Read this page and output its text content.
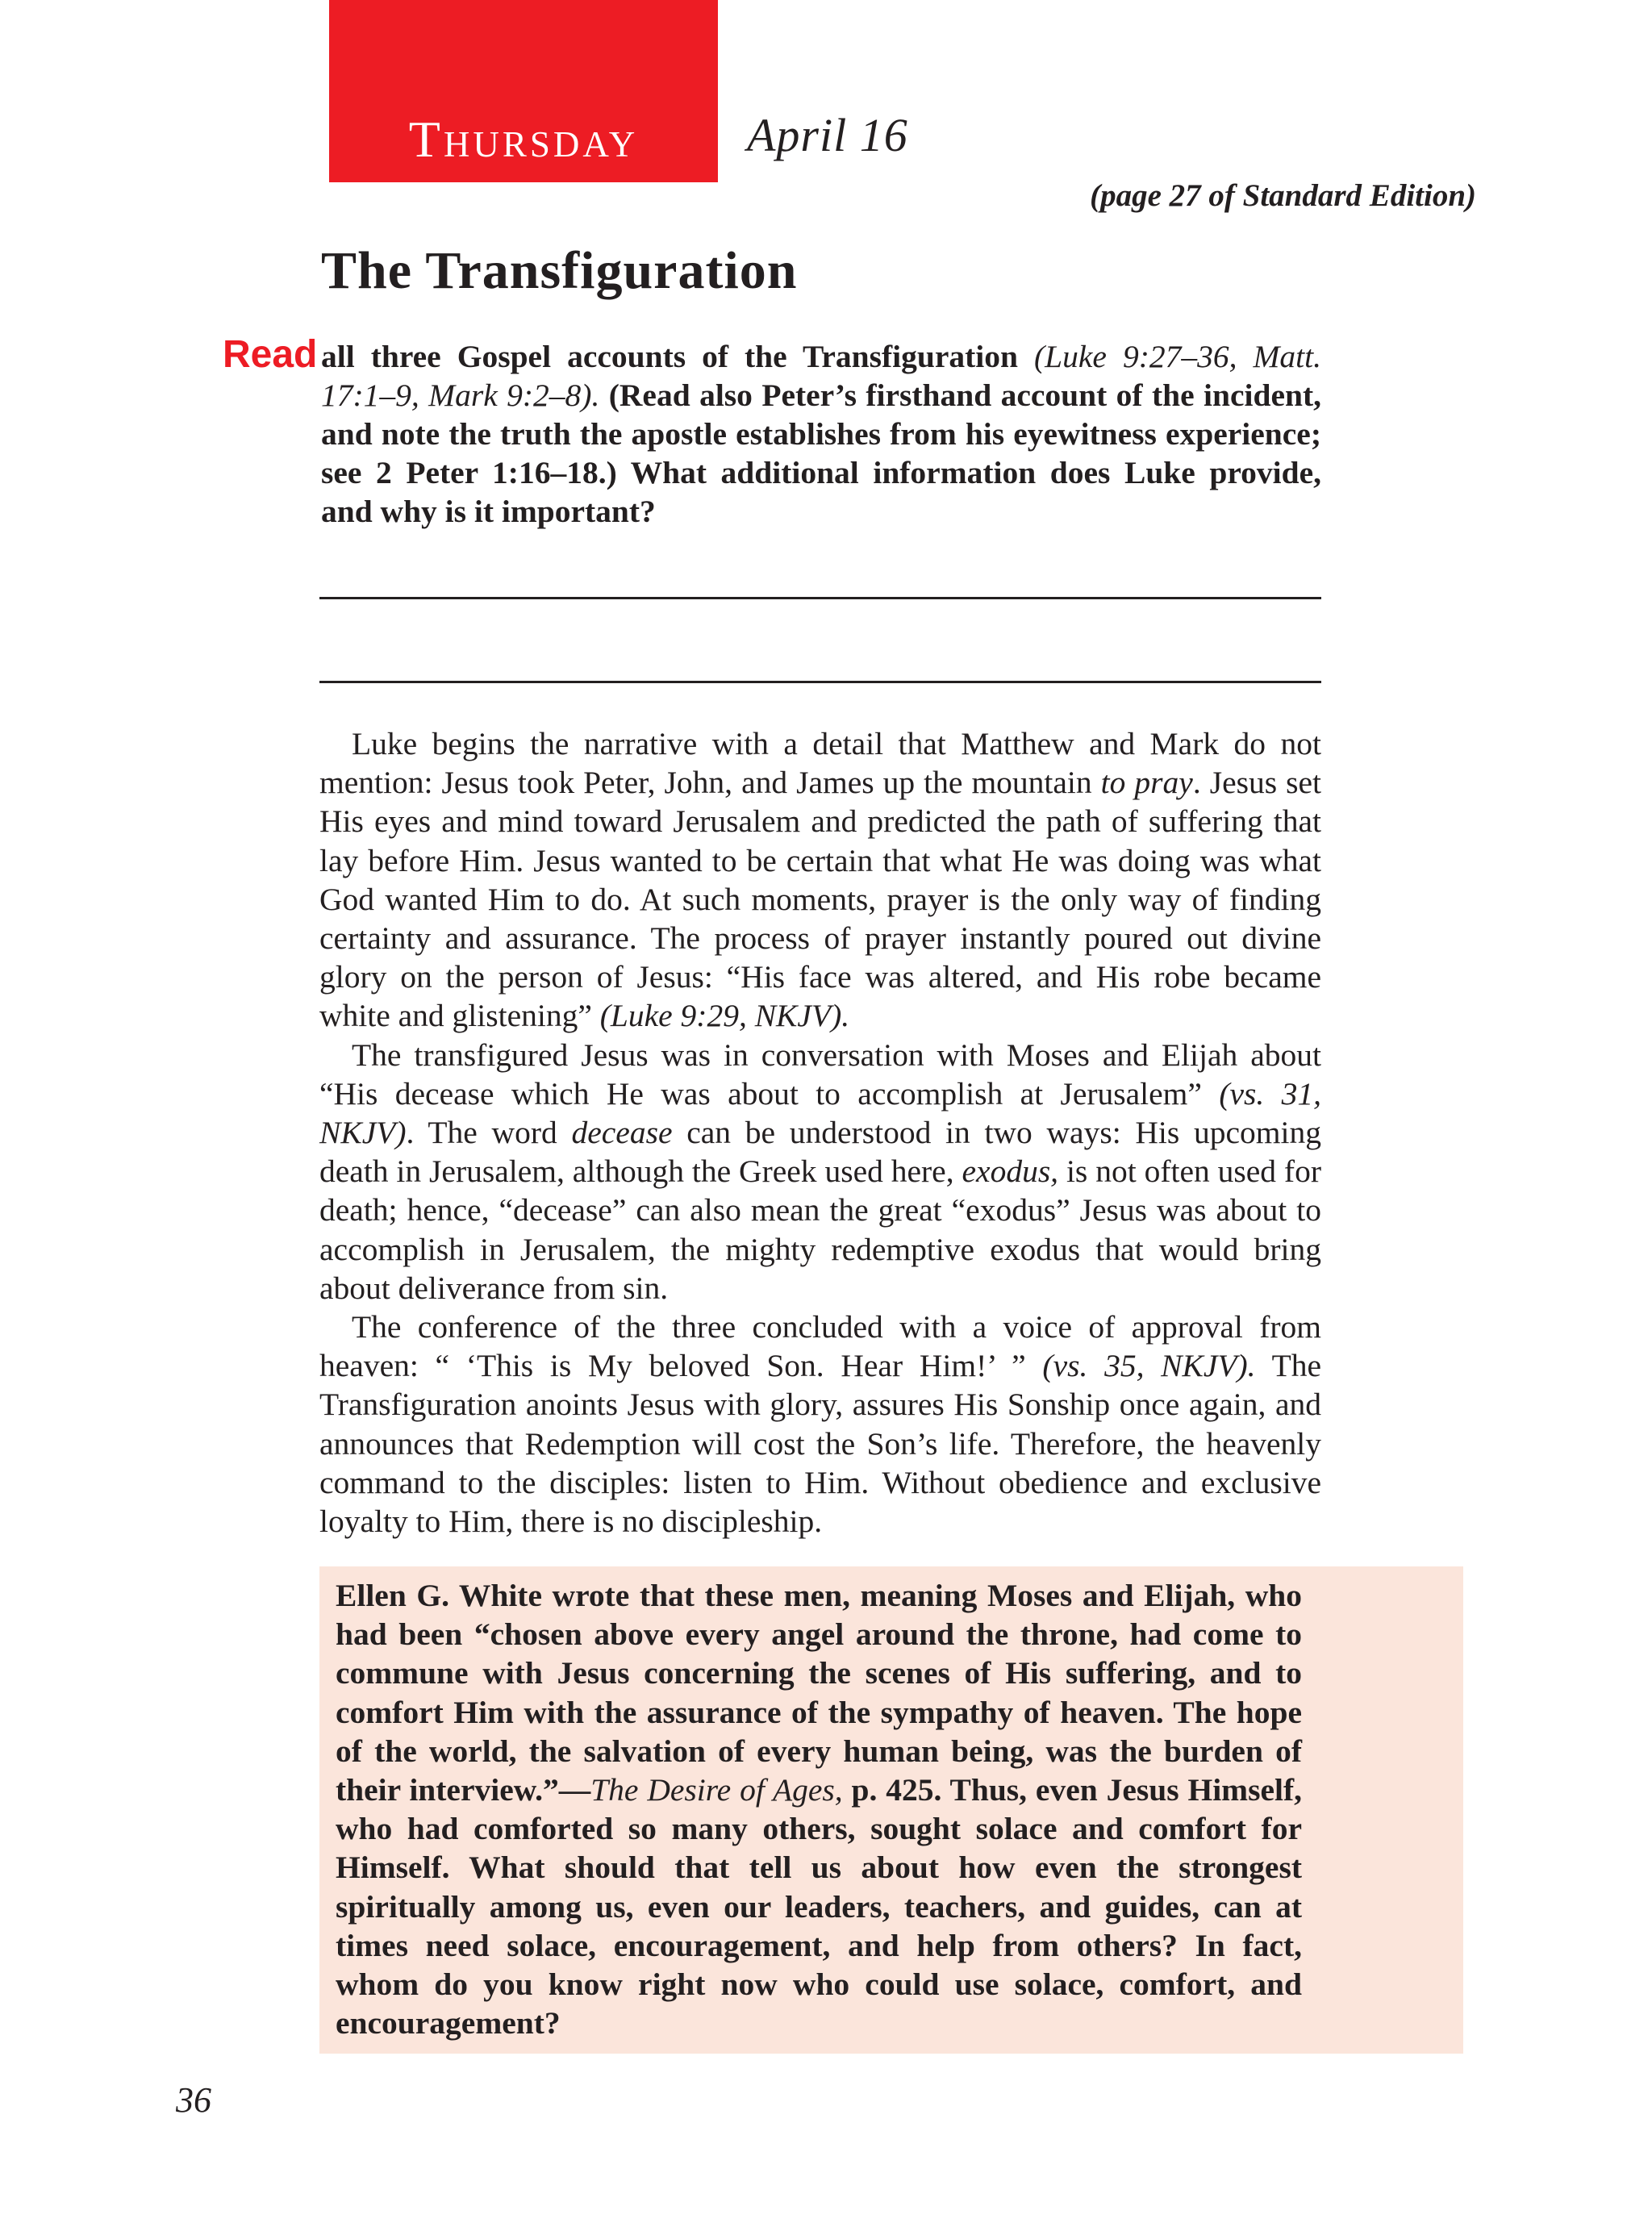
Thursday	April 16
(page 27 of Standard Edition)
The Transfiguration
Read all three Gospel accounts of the Transfiguration (Luke 9:27–36, Matt. 17:1–9, Mark 9:2–8). (Read also Peter’s firsthand account of the incident, and note the truth the apostle establishes from his eyewitness experience; see 2 Peter 1:16–18.) What additional information does Luke provide, and why is it important?

Luke begins the narrative with a detail that Matthew and Mark do not mention: Jesus took Peter, John, and James up the mountain to pray. Jesus set His eyes and mind toward Jerusalem and predicted the path of suffering that lay before Him. Jesus wanted to be certain that what He was doing was what God wanted Him to do. At such moments, prayer is the only way of finding certainty and assurance. The process of prayer instantly poured out divine glory on the person of Jesus: “His face was altered, and His robe became white and glistening” (Luke 9:29, NKJV).

The transfigured Jesus was in conversation with Moses and Elijah about “His decease which He was about to accomplish at Jerusalem” (vs. 31, NKJV). The word decease can be understood in two ways: His upcoming death in Jerusalem, although the Greek used here, exodus, is not often used for death; hence, “decease” can also mean the great “exodus” Jesus was about to accomplish in Jerusalem, the mighty redemptive exodus that would bring about deliverance from sin.

The conference of the three concluded with a voice of approval from heaven: “ ‘This is My beloved Son. Hear Him!’ ” (vs. 35, NKJV). The Transfiguration anoints Jesus with glory, assures His Sonship once again, and announces that Redemption will cost the Son’s life. Therefore, the heavenly command to the disciples: listen to Him. Without obedience and exclusive loyalty to Him, there is no discipleship.

Ellen G. White wrote that these men, meaning Moses and Elijah, who had been “chosen above every angel around the throne, had come to commune with Jesus concerning the scenes of His suffering, and to comfort Him with the assurance of the sympathy of heaven. The hope of the world, the salvation of every human being, was the burden of their interview.”—The Desire of Ages, p. 425. Thus, even Jesus Himself, who had comforted so many others, sought solace and comfort for Himself. What should that tell us about how even the strongest spiritually among us, even our leaders, teachers, and guides, can at times need solace, encouragement, and help from others? In fact, whom do you know right now who could use solace, comfort, and encouragement?
36
